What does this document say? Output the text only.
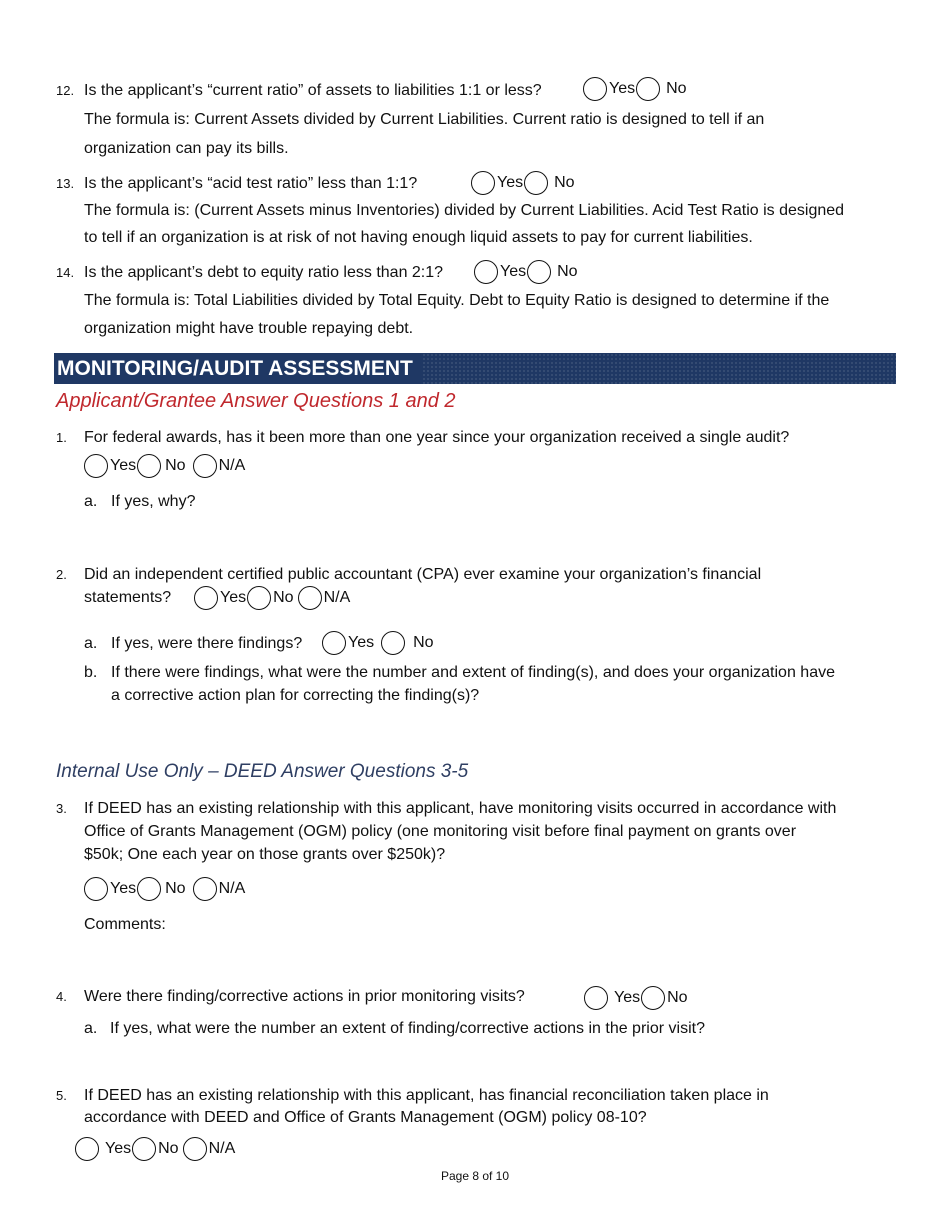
12. Is the applicant’s “current ratio” of assets to liabilities 1:1 or less?	Yes No
The formula is: Current Assets divided by Current Liabilities. Current ratio is designed to tell if an
organization can pay its bills.
13. Is the applicant’s “acid test ratio” less than 1:1?	Yes No
The formula is: (Current Assets minus Inventories) divided by Current Liabilities. Acid Test Ratio is designed
to tell if an organization is at risk of not having enough liquid assets to pay for current liabilities.
14. Is the applicant’s debt to equity ratio less than 2:1?	Yes No
The formula is: Total Liabilities divided by Total Equity. Debt to Equity Ratio is designed to determine if the
organization might have trouble repaying debt.
MONITORING/AUDIT ASSESSMENT
Applicant/Grantee Answer Questions 1 and 2
1. For federal awards, has it been more than one year since your organization received a single audit?
Yes No N/A
a. If yes, why?
2. Did an independent certified public accountant (CPA) ever examine your organization’s financial
statements?	Yes No N/A
a. If yes, were there findings?	Yes No
b. If there were findings, what were the number and extent of finding(s), and does your organization have
a corrective action plan for correcting the finding(s)?
Internal Use Only – DEED Answer Questions 3-5
3. If DEED has an existing relationship with this applicant, have monitoring visits occurred in accordance with
Office of Grants Management (OGM) policy (one monitoring visit before final payment on grants over
$50k; One each year on those grants over $250k)?
Yes No N/A
Comments:
4. Were there finding/corrective actions in prior monitoring visits?	Yes No
a. If yes, what were the number an extent of finding/corrective actions in the prior visit?
5. If DEED has an existing relationship with this applicant, has financial reconciliation taken place in
accordance with DEED and Office of Grants Management (OGM) policy 08-10?
Yes No N/A
Page 8 of 10
